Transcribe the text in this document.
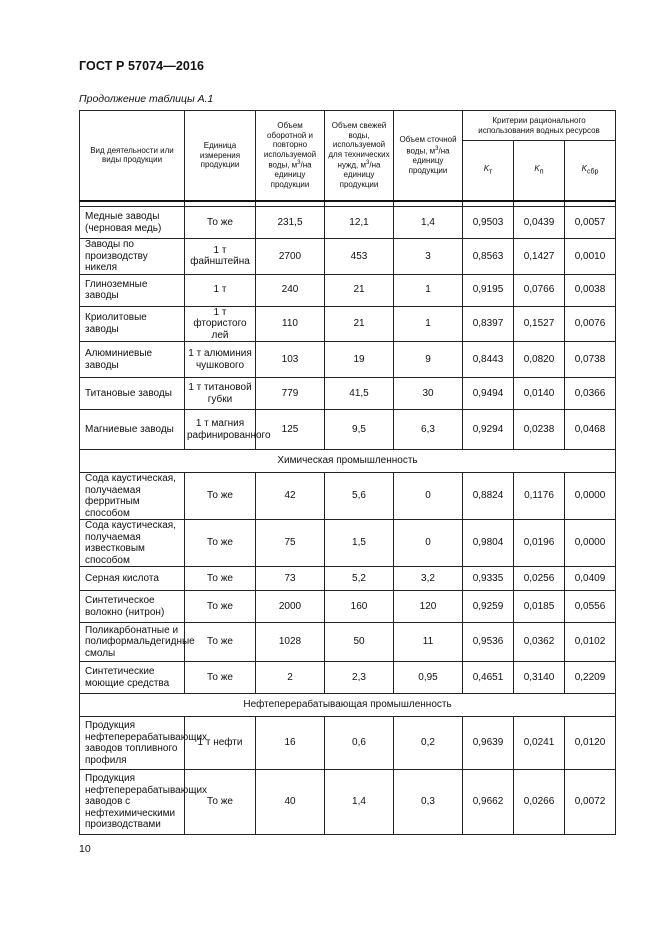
ГОСТ Р 57074—2016
Продолжение таблицы А.1
Вид деятельности или виды продукции	Единица измерения продукции	Объем оборотной и повторно используемой воды, $м^3/на$ единицу продукции	Объем свежей воды, используемой для технических нужд, $м^3/на$ единицу продукции	Объем сточной воды, $м^3/на$ единицу продукции	Критерии рационального использования водных ресурсов		
					$K_т$	$K_п$	$K_{сбр}$

Медные заводы (черновая медь)	То же	231,5	12,1	1,4	0,9503	0,0439	0,0057
Заводы по производству никеля	1 т файнштейна	2700	453	3	0,8563	0,1427	0,0010
Глиноземные заводы	1 т	240	21	1	0,9195	0,0766	0,0038
Криолитовые заводы	1 т фтористого лей	110	21	1	0,8397	0,1527	0,0076
Алюминиевые заводы	1 т алюминия чушкового	103	19	9	0,8443	0,0820	0,0738
Титановые заводы	1 т титановой губки	779	41,5	30	0,9494	0,0140	0,0366
Магниевые заводы	1 т магния рафинированного	125	9,5	6,3	0,9294	0,0238	0,0468
Химическая промышленность							
Сода каустическая, получаемая ферритным способом	То же	42	5,6	0	0,8824	0,1176	0,0000
Сода каустическая, получаемая известковым способом	То же	75	1,5	0	0,9804	0,0196	0,0000
Серная кислота	То же	73	5,2	3,2	0,9335	0,0256	0,0409
Синтетическое волокно (нитрон)	То же	2000	160	120	0,9259	0,0185	0,0556
Поликарбонатные и полиформальдегидные смолы	То же	1028	50	11	0,9536	0,0362	0,0102
Синтетические моющие средства	То же	2	2,3	0,95	0,4651	0,3140	0,2209
Нефтеперерабатывающая промышленность							
Продукция нефтеперерабатывающих заводов топливного профиля	1 т нефти	16	0,6	0,2	0,9639	0,0241	0,0120
Продукция нефтеперерабатывающих заводов с нефтехимическими производствами	То же	40	1,4	0,3	0,9662	0,0266	0,0072
10
